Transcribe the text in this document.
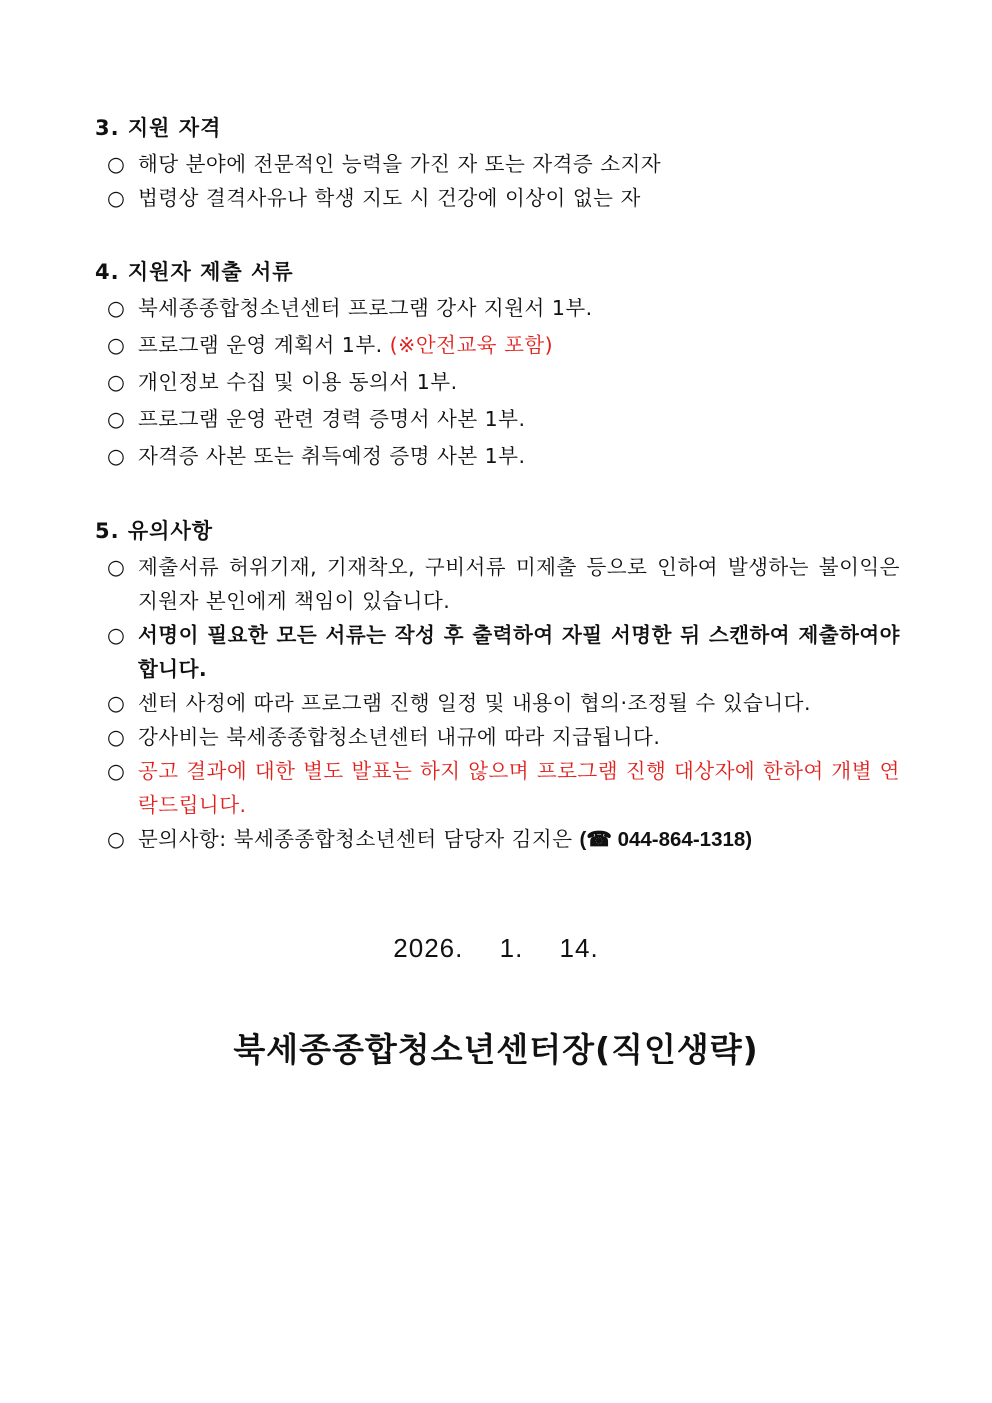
3. 지원 자격
○ 해당 분야에 전문적인 능력을 가진 자 또는 자격증 소지자
○ 법령상 결격사유나 학생 지도 시 건강에 이상이 없는 자
4. 지원자 제출 서류
○ 북세종종합청소년센터 프로그램 강사 지원서 1부.
○ 프로그램 운영 계획서 1부. (※안전교육 포함)
○ 개인정보 수집 및 이용 동의서 1부.
○ 프로그램 운영 관련 경력 증명서 사본 1부.
○ 자격증 사본 또는 취득예정 증명 사본 1부.
5. 유의사항
○ 제출서류 허위기재, 기재착오, 구비서류 미제출 등으로 인하여 발생하는 불이익은 지원자 본인에게 책임이 있습니다.
○ 서명이 필요한 모든 서류는 작성 후 출력하여 자필 서명한 뒤 스캔하여 제출하여야 합니다.
○ 센터 사정에 따라 프로그램 진행 일정 및 내용이 협의·조정될 수 있습니다.
○ 강사비는 북세종종합청소년센터 내규에 따라 지급됩니다.
○ 공고 결과에 대한 별도 발표는 하지 않으며 프로그램 진행 대상자에 한하여 개별 연락드립니다.
○ 문의사항: 북세종종합청소년센터 담당자 김지은 (☎ 044-864-1318)
2026. 1. 14.
북세종종합청소년센터장(직인생략)
